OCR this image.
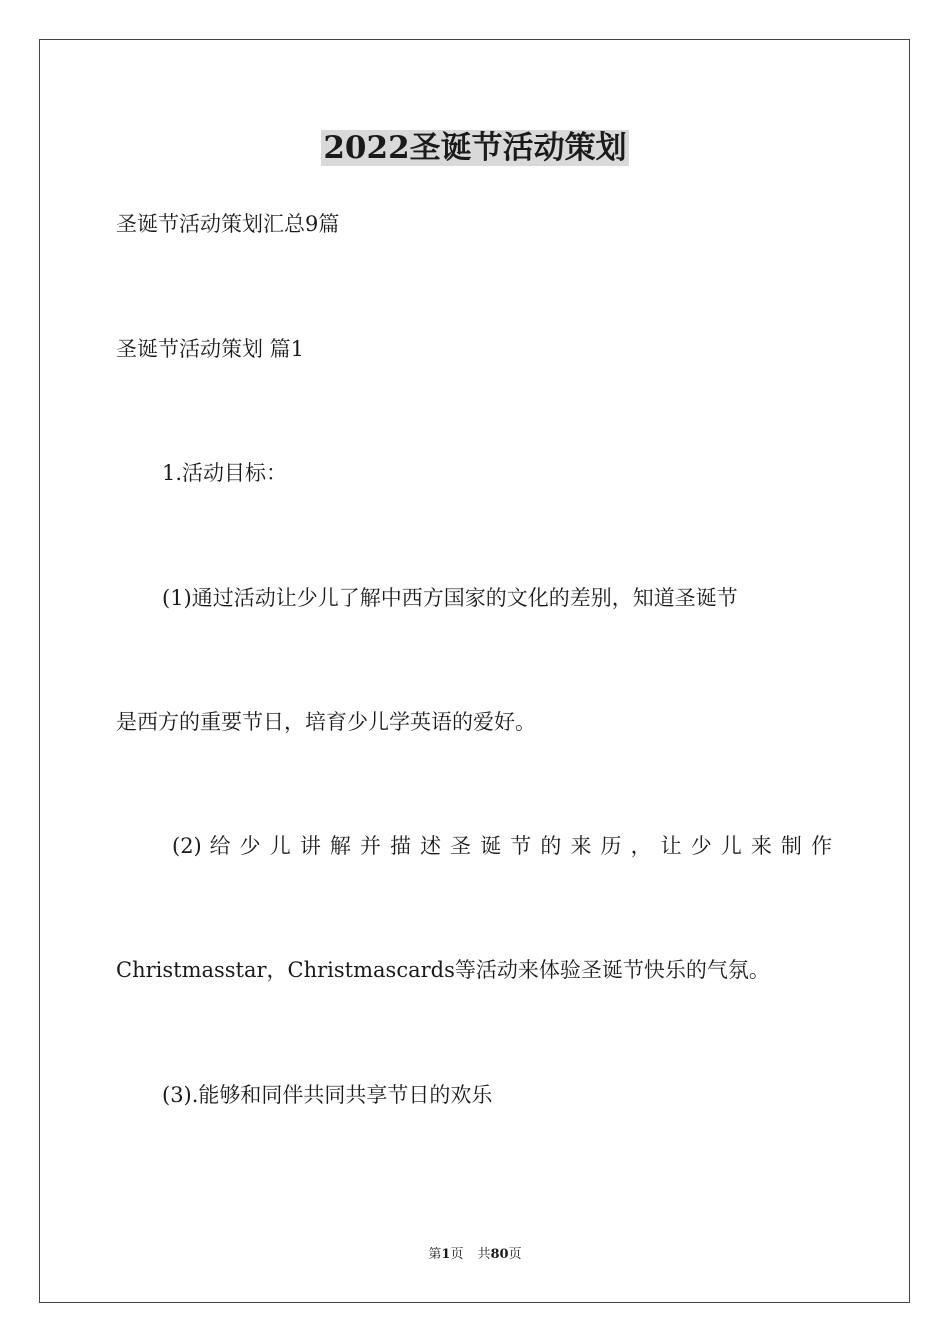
2022圣诞节活动策划
圣诞节活动策划汇总9篇
圣诞节活动策划 篇1
1.活动目标：
(1)通过活动让少儿了解中西方国家的文化的差别，知道圣诞节
是西方的重要节日，培育少儿学英语的爱好。
(2) 给 少 儿 讲 解 并 描 述 圣 诞 节 的 来 历 ， 让 少 儿 来 制 作
Christmasstar，Christmascards等活动来体验圣诞节快乐的气氛。
(3).能够和同伴共同共享节日的欢乐
第1页 共80页
